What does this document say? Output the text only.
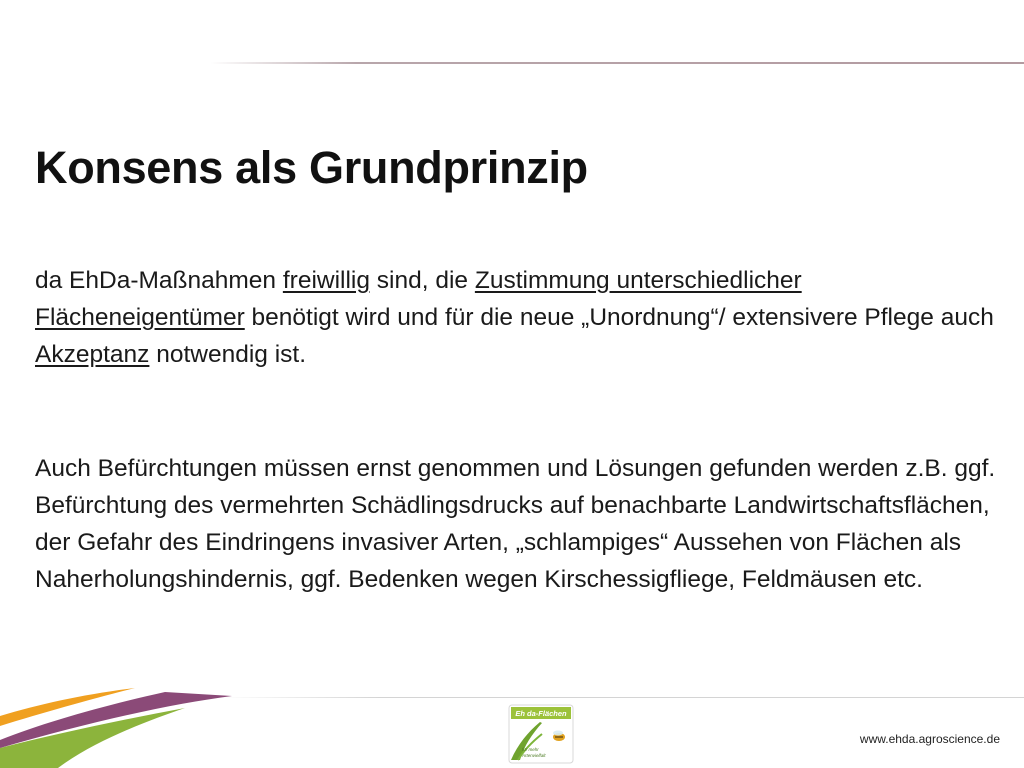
Konsens als Grundprinzip

da EhDa-Maßnahmen freiwillig sind, die Zustimmung unterschiedlicher Flächeneigentümer benötigt wird und für die neue „Unordnung“/ extensivere Pflege auch Akzeptanz notwendig ist.

Auch Befürchtungen müssen ernst genommen und Lösungen gefunden werden z.B. ggf. Befürchtung des vermehrten Schädlingsdrucks auf benachbarte Landwirtschaftsflächen, der Gefahr des Eindringens invasiver Arten, „schlampiges“ Aussehen von Flächen als Naherholungshindernis, ggf. Bedenken wegen Kirschessigfliege, Feldmäusen etc.

Eh da-Flächen
für mehr
Artenvielfalt
www.ehda.agroscience.de
